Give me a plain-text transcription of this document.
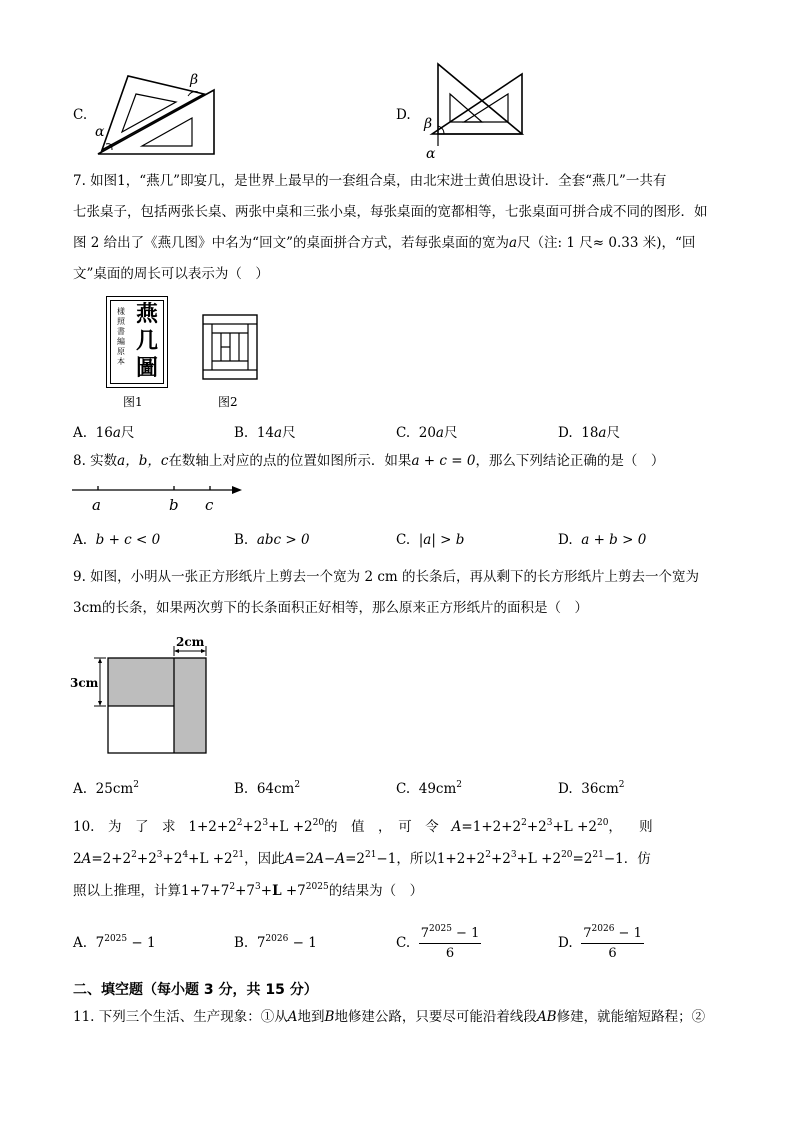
C.
β
α
D.
β
α
7. 如图1，“燕几”即宴几，是世界上最早的一套组合桌，由北宋进士黄伯思设计．全套“燕几”一共有
七张桌子，包括两张长桌、两张中桌和三张小桌，每张桌面的宽都相等，七张桌面可拼合成不同的图形．如
图 2 给出了《燕几图》中名为“回文”的桌面拼合方式，若每张桌面的宽为a尺（注: 1 尺≈ 0.33 米)，“回
文”桌面的周长可以表示为（　）
樣
照
書
編
原
本
燕
几
圖
图1	图2
A. 16a尺	B. 14a尺	C. 20a尺	D. 18a尺
8. 实数a，b，c在数轴上对应的点的位置如图所示．如果a + c = 0，那么下列结论正确的是（　）
a	b c
A. b + c < 0	B. abc > 0	C. |a| > b	D. a + b > 0
9. 如图，小明从一张正方形纸片上剪去一个宽为 2 cm 的长条后，再从剩下的长方形纸片上剪去一个宽为
3cm的长条，如果两次剪下的长条面积正好相等，那么原来正方形纸片的面积是（　）
2cm
3cm
A. $25cm^2$	B. $64cm^2$	C. $49cm^2$	D. $36cm^2$
10.　为　了　求   $1+2+2^2+2^3+L +2^{20}$的　值　，　可　令 $A=1+2+2^2+2^3+L +2^{20}$，    则
$2A=2+2^2+2^3+2^4+L +2^{21}$，因此$A=2A-A=2^{21}-1$，所以$1+2+2^2+2^3+L +2^{20}=2^{21}-1$．仿
照以上推理，计算$1+7+7^2+7^3+L +7^{2025}$的结果为（　）
A. $7^{2025} - 1$	B. $7^{2026} - 1$	C. $\frac{7^{2025} - 1}{6}$	D. $\frac{7^{2026} - 1}{6}$
二、填空题（每小题 3 分，共 15 分）
11. 下列三个生活、生产现象：①从A地到B地修建公路，只要尽可能沿着线段AB修建，就能缩短路程；②
